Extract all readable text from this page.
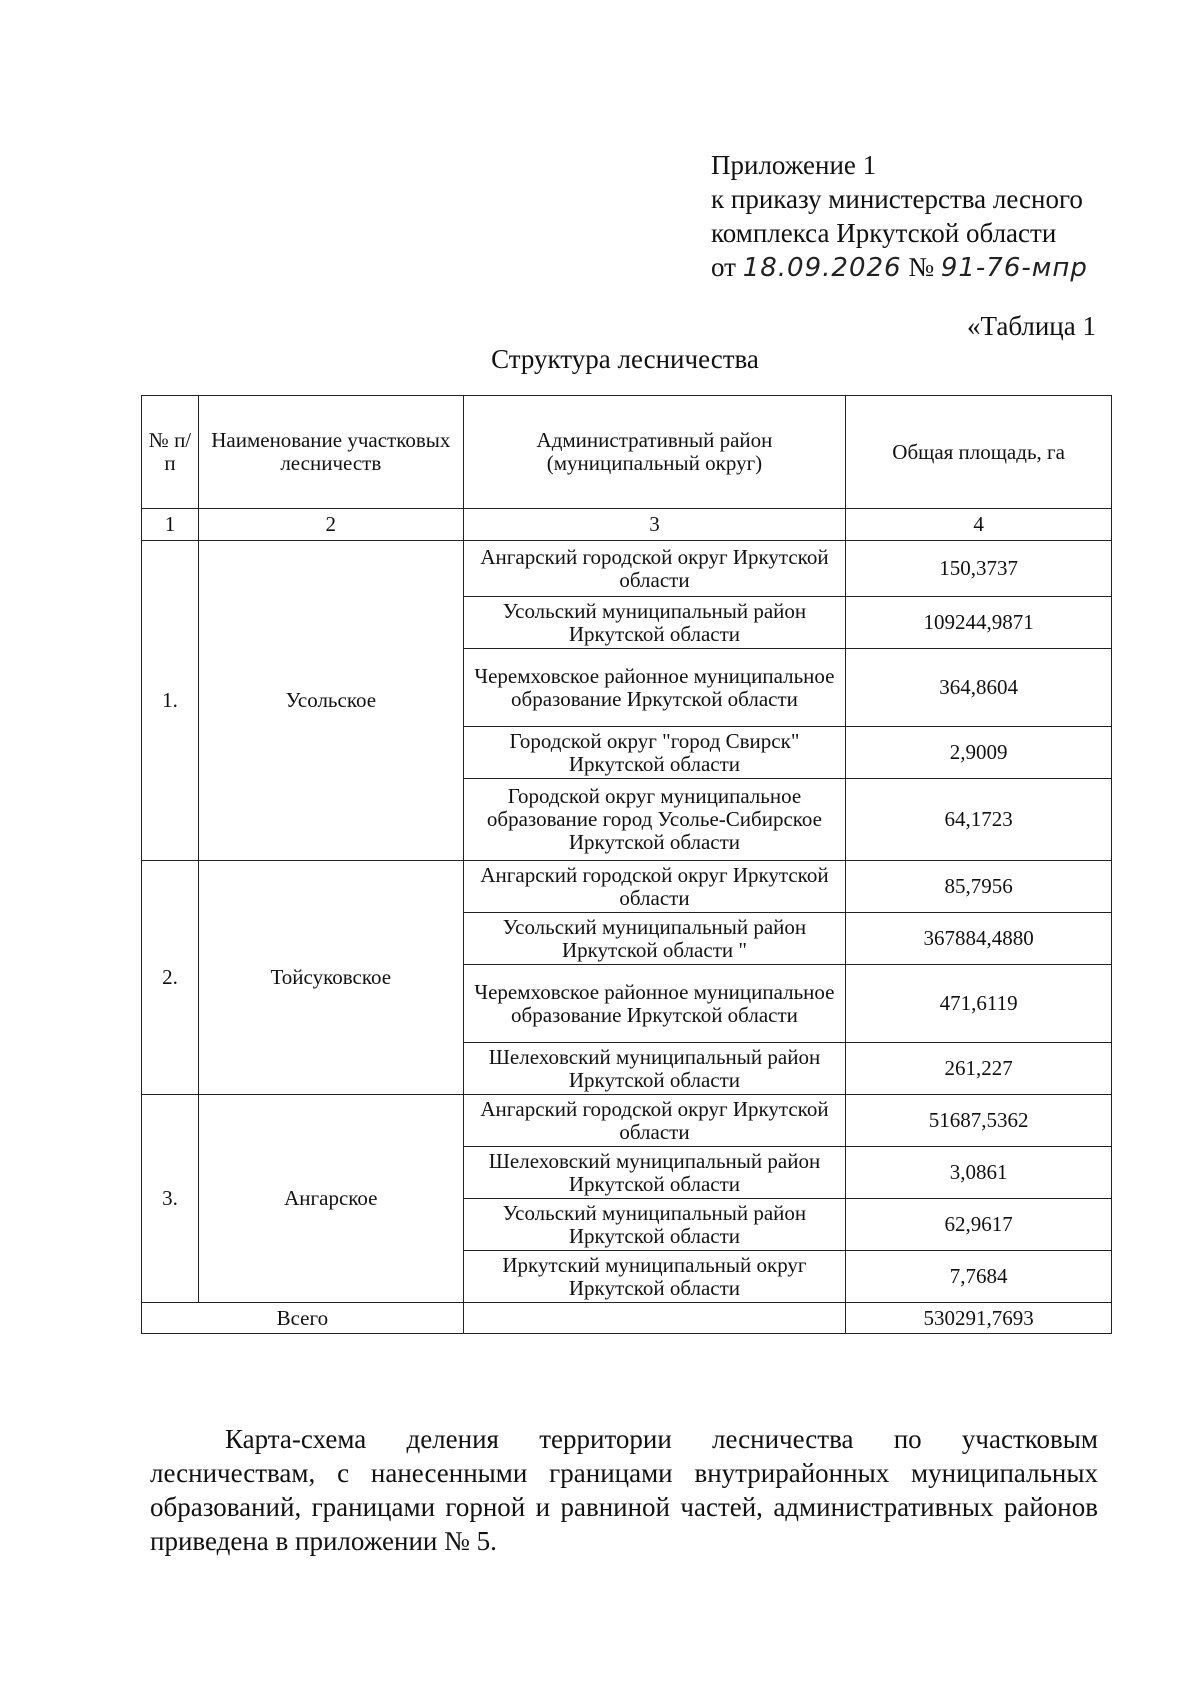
Приложение 1
к приказу министерства лесного
комплекса Иркутской области
от 18.09.2026 № 91-76-мпр
«Таблица 1
Структура лесничества
№ п/п	Наименование участковых лесничеств	Административный район (муниципальный округ)	Общая площадь, га
1	2	3	4
1.	Усольское	Ангарский городской округ Иркутской области	150,3737
		Усольский муниципальный район Иркутской области	109244,9871
		Черемховское районное муниципальное образование Иркутской области	364,8604
		Городской округ "город Свирск" Иркутской области	2,9009
		Городской округ муниципальное образование город Усолье-Сибирское Иркутской области	64,1723
2.	Тойсуковское	Ангарский городской округ Иркутской области	85,7956
		Усольский муниципальный район Иркутской области "	367884,4880
		Черемховское районное муниципальное образование Иркутской области	471,6119
		Шелеховский муниципальный район Иркутской области	261,227
3.	Ангарское	Ангарский городской округ Иркутской области	51687,5362
		Шелеховский муниципальный район Иркутской области	3,0861
		Усольский муниципальный район Иркутской области	62,9617
		Иркутский муниципальный округ Иркутской области	7,7684
Всего			530291,7693
Карта-схема деления территории лесничества по участковым лесничествам, с нанесенными границами внутрирайонных муниципальных образований, границами горной и равниной частей, административных районов приведена в приложении № 5.
